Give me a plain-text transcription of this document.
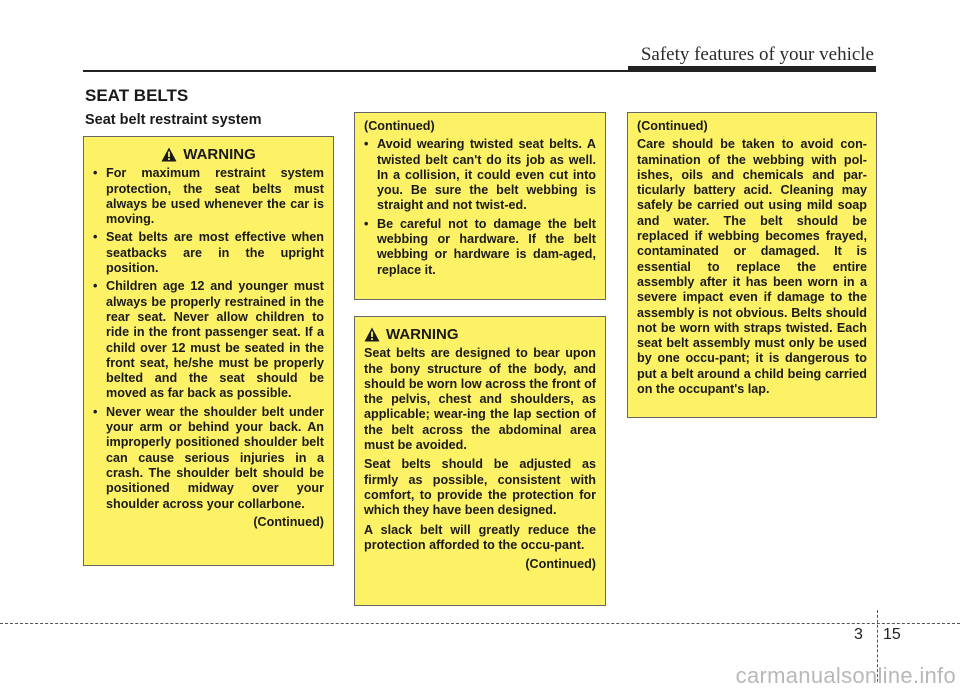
Safety features of your vehicle
SEAT BELTS
Seat belt restraint system
WARNING
• For maximum restraint system protection, the seat belts must always be used whenever the car is moving.
• Seat belts are most effective when seatbacks are in the upright position.
• Children age 12 and younger must always be properly restrained in the rear seat. Never allow children to ride in the front passenger seat. If a child over 12 must be seated in the front seat, he/she must be properly belted and the seat should be moved as far back as possible.
• Never wear the shoulder belt under your arm or behind your back. An improperly positioned shoulder belt can cause serious injuries in a crash. The shoulder belt should be positioned midway over your shoulder across your collarbone.
(Continued)
(Continued)
• Avoid wearing twisted seat belts. A twisted belt can't do its job as well. In a collision, it could even cut into you. Be sure the belt webbing is straight and not twist-ed.
• Be careful not to damage the belt webbing or hardware. If the belt webbing or hardware is dam-aged, replace it.
WARNING

Seat belts are designed to bear upon the bony structure of the body, and should be worn low across the front of the pelvis, chest and shoulders, as applicable; wear-ing the lap section of the belt across the abdominal area must be avoided.

Seat belts should be adjusted as firmly as possible, consistent with comfort, to provide the protection for which they have been designed.

A slack belt will greatly reduce the protection afforded to the occu-pant.

(Continued)
(Continued)

Care should be taken to avoid con-tamination of the webbing with pol-ishes, oils and chemicals and par-ticularly battery acid. Cleaning may safely be carried out using mild soap and water. The belt should be replaced if webbing becomes frayed, contaminated or damaged. It is essential to replace the entire assembly after it has been worn in a severe impact even if damage to the assembly is not obvious. Belts should not be worn with straps twisted. Each seat belt assembly must only be used by one occu-pant; it is dangerous to put a belt around a child being carried on the occupant's lap.

3 15
carmanualsonline.info
